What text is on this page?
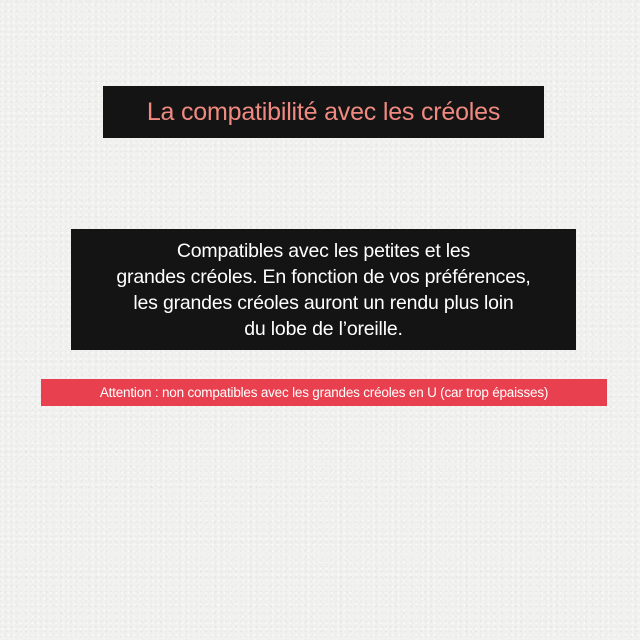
La compatibilité avec les créoles
Compatibles avec les petites et les
grandes créoles. En fonction de vos préférences,
les grandes créoles auront un rendu plus loin
du lobe de l’oreille.
Attention : non compatibles avec les grandes créoles en U (car trop épaisses)
